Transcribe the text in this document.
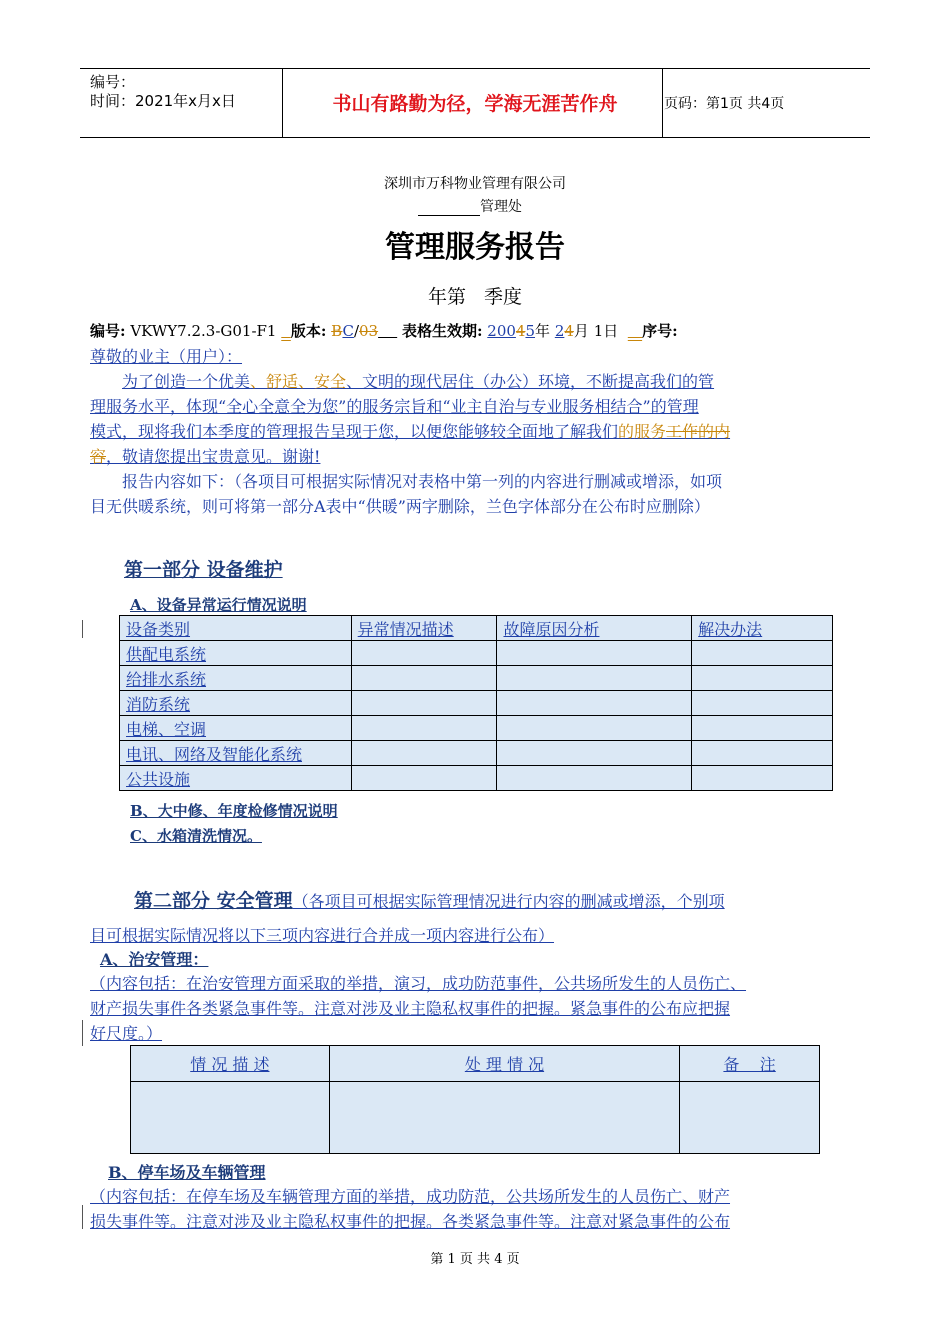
编号：
时间：2021年x月x日	书山有路勤为径，学海无涯苦作舟	页码：第1页 共4页
深圳市万科物业管理有限公司
管理处
管理服务报告
年第   季度
编号: VKWY7.2.3-G01-F1 版本: BC/03 表格生效期: 20045年 24月 1日 序号:
尊敬的业主（用户）：
为了创造一个优美、舒适、安全、文明的现代居住（办公）环境，不断提高我们的管
理服务水平，体现“全心全意全为您”的服务宗旨和“业主自治与专业服务相结合”的管理
模式，现将我们本季度的管理报告呈现于您，以便您能够较全面地了解我们的服务工作的内
容，敬请您提出宝贵意见。谢谢!
报告内容如下：（各项目可根据实际情况对表格中第一列的内容进行删减或增添，如项
目无供暖系统，则可将第一部分A表中“供暖”两字删除，兰色字体部分在公布时应删除）
第一部分 设备维护
A、设备异常运行情况说明
设备类别	异常情况描述	故障原因分析	解决办法
供配电系统			
给排水系统			
消防系统			
电梯、空调			
电讯、网络及智能化系统			
公共设施			
B、大中修、年度检修情况说明
C、水箱清洗情况。
第二部分 安全管理（各项目可根据实际管理情况进行内容的删减或增添，个别项
目可根据实际情况将以下三项内容进行合并成一项内容进行公布）
A、治安管理：
（内容包括：在治安管理方面采取的举措，演习，成功防范事件，公共场所发生的人员伤亡、
财产损失事件各类紧急事件等。注意对涉及业主隐私权事件的把握。紧急事件的公布应把握
好尺度。）
情 况 描 述	处 理 情 况	备    注

B、停车场及车辆管理
（内容包括：在停车场及车辆管理方面的举措，成功防范，公共场所发生的人员伤亡、财产
损失事件等。注意对涉及业主隐私权事件的把握。各类紧急事件等。注意对紧急事件的公布
第 1 页 共 4 页
